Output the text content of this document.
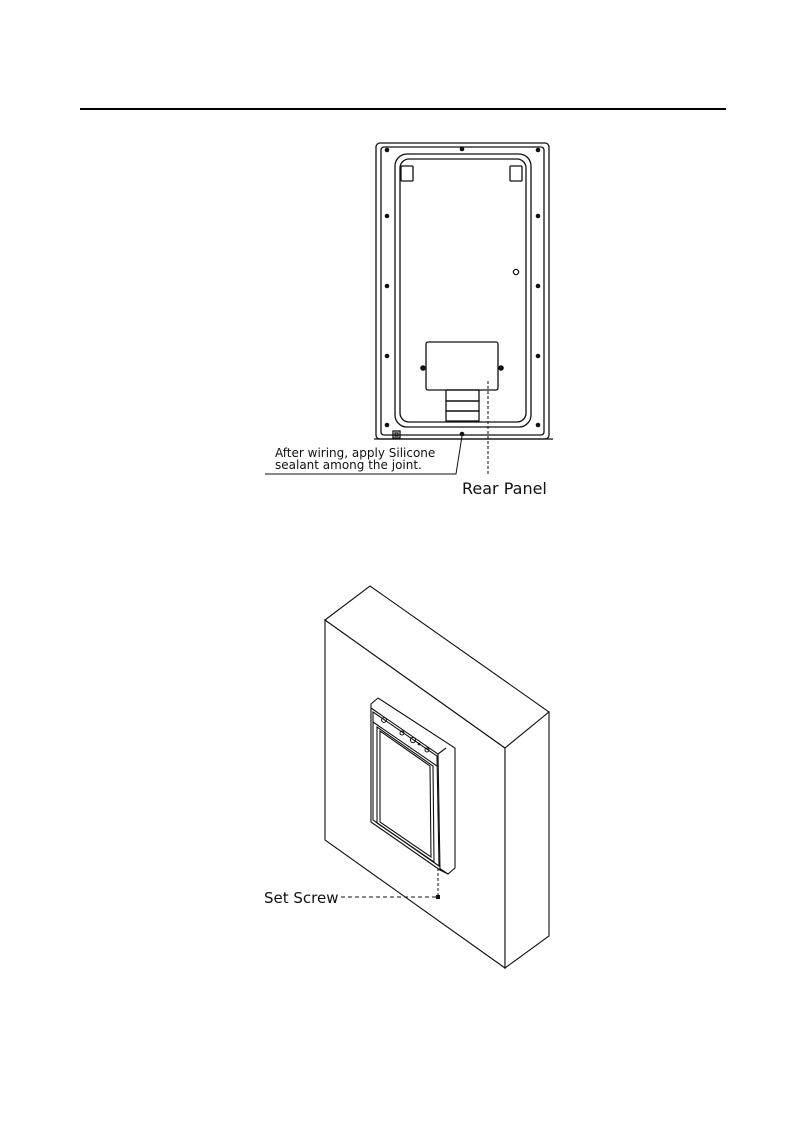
After wiring, apply Silicone
sealant among the joint.
Rear Panel
Set Screw
